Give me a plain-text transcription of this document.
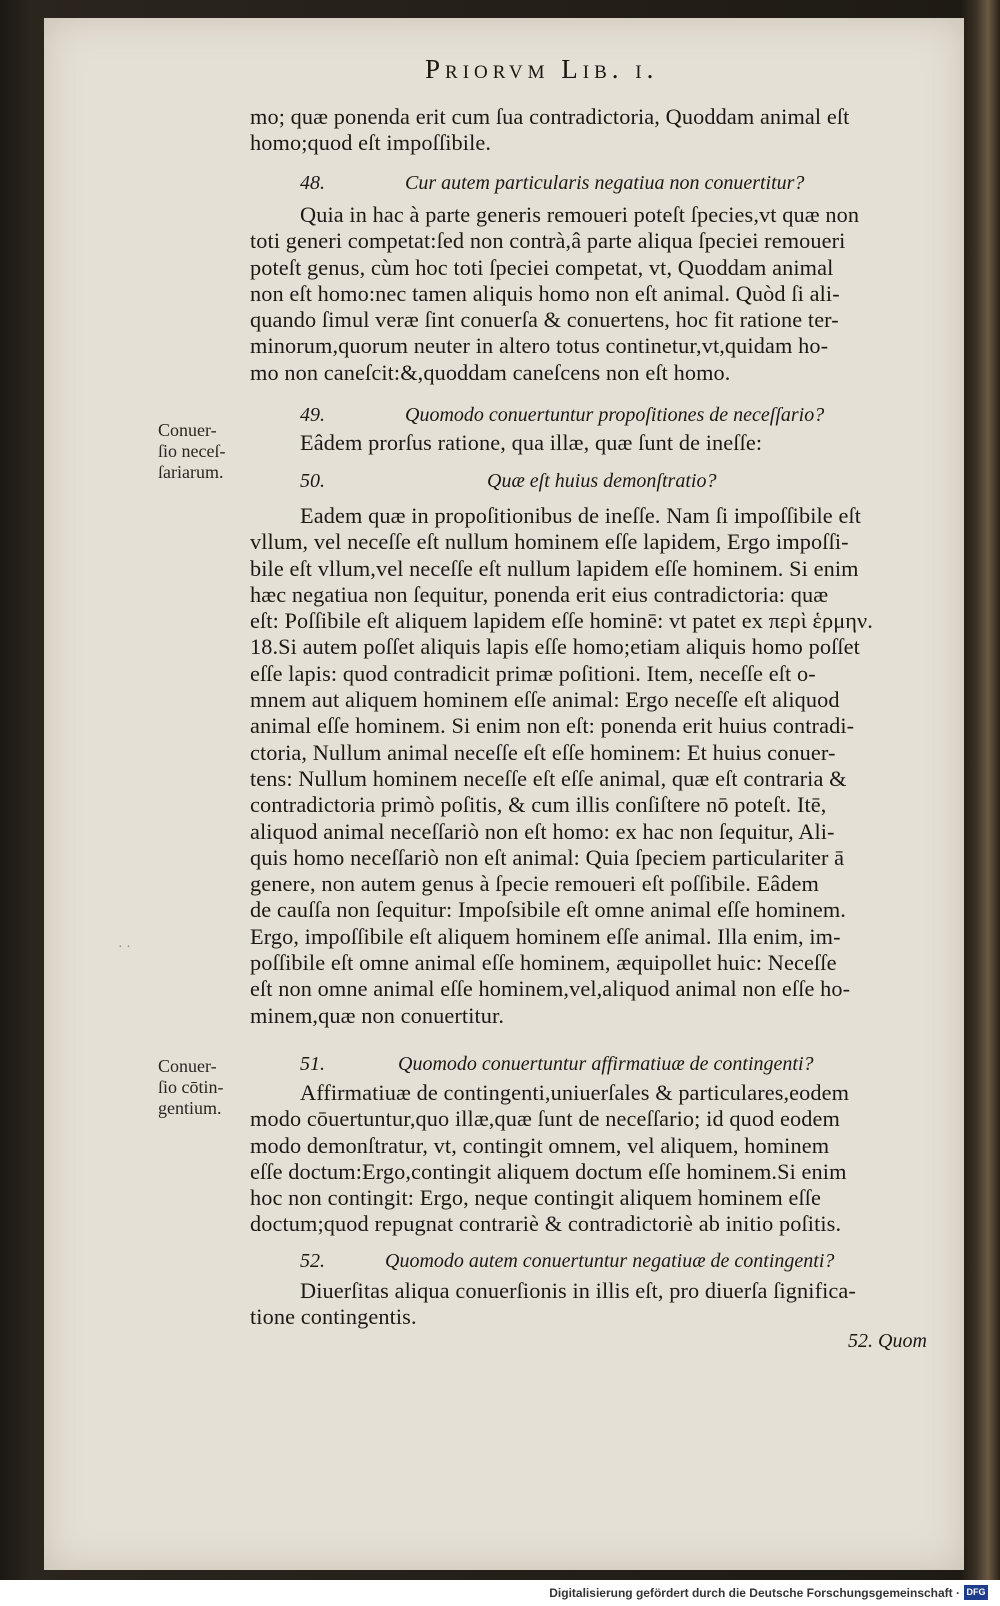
Priorvm Lib. i.
mo; quæ ponenda erit cum ſua contradictoria, Quoddam animal eſt
homo;quod eſt impoſſibile.
48.	Cur autem particularis negatiua non conuertitur?
Quia in hac à parte generis remoueri poteſt ſpecies,vt quæ non
toti generi competat:ſed non contrà,â parte aliqua ſpeciei remoueri
poteſt genus, cùm hoc toti ſpeciei competat, vt, Quoddam animal
non eſt homo:nec tamen aliquis homo non eſt animal. Quòd ſi ali-
quando ſimul veræ ſint conuerſa & conuertens, hoc fit ratione ter-
minorum,quorum neuter in altero totus continetur,vt,quidam ho-
mo non caneſcit:&,quoddam caneſcens non eſt homo.
49.	Quomodo conuertuntur propoſitiones de neceſſario?
Eâdem prorſus ratione, qua illæ, quæ ſunt de ineſſe:
Conuer-
ſio neceſ-
ſariarum.	50.	Quæ eſt huius demonſtratio?
Eadem quæ in propoſitionibus de ineſſe. Nam ſi impoſſibile eſt
vllum, vel neceſſe eſt nullum hominem eſſe lapidem, Ergo impoſſi-
bile eſt vllum,vel neceſſe eſt nullum lapidem eſſe hominem. Si enim
hæc negatiua non ſequitur, ponenda erit eius contradictoria: quæ
eſt: Poſſibile eſt aliquem lapidem eſſe hominē: vt patet ex περὶ ἑρμην.
18.Si autem poſſet aliquis lapis eſſe homo;etiam aliquis homo poſſet
eſſe lapis: quod contradicit primæ poſitioni. Item, neceſſe eſt o-
mnem aut aliquem hominem eſſe animal: Ergo neceſſe eſt aliquod
animal eſſe hominem. Si enim non eſt: ponenda erit huius contradi-
ctoria, Nullum animal neceſſe eſt eſſe hominem: Et huius conuer-
tens: Nullum hominem neceſſe eſt eſſe animal, quæ eſt contraria &
contradictoria primò poſitis, & cum illis conſiſtere nō poteſt. Itē,
aliquod animal neceſſariò non eſt homo: ex hac non ſequitur, Ali-
quis homo neceſſariò non eſt animal: Quia ſpeciem particulariter ā
genere, non autem genus à ſpecie remoueri eſt poſſibile. Eâdem
de cauſſa non ſequitur: Impoſsibile eſt omne animal eſſe hominem.
Ergo, impoſſibile eſt aliquem hominem eſſe animal. Illa enim, im-
poſſibile eſt omne animal eſſe hominem, æquipollet huic: Neceſſe
eſt non omne animal eſſe hominem,vel,aliquod animal non eſſe ho-
minem,quæ non conuertitur.
· ·
51.	Quomodo conuertuntur affirmatiuæ de contingenti?
Conuer-
ſio cōtin-
gentium.
Affirmatiuæ de contingenti,uniuerſales & particulares,eodem
modo cōuertuntur,quo illæ,quæ ſunt de neceſſario; id quod eodem
modo demonſtratur, vt, contingit omnem, vel aliquem, hominem
eſſe doctum:Ergo,contingit aliquem doctum eſſe hominem.Si enim
hoc non contingit: Ergo, neque contingit aliquem hominem eſſe
doctum;quod repugnat contrariè & contradictoriè ab initio poſitis.
52.	Quomodo autem conuertuntur negatiuæ de contingenti?
Diuerſitas aliqua conuerſionis in illis eſt, pro diuerſa ſignifica-
tione contingentis.
52. Quom
Digitalisierung gefördert durch die Deutsche Forschungsgemeinschaft · DFG
